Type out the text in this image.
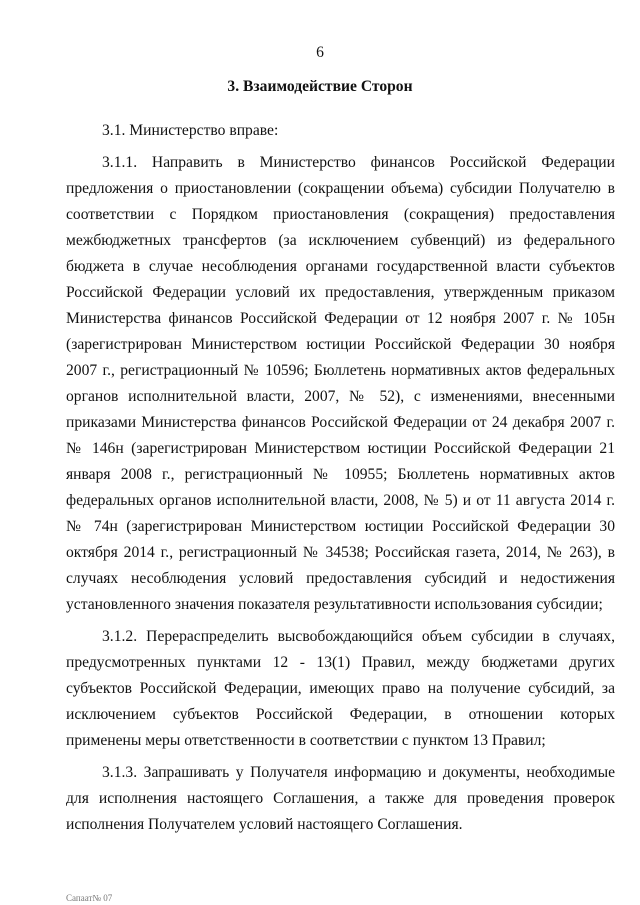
6
3. Взаимодействие Сторон

3.1. Министерство вправе:

3.1.1. Направить в Министерство финансов Российской Федерации предложения о приостановлении (сокращении объема) субсидии Получателю в соответствии с Порядком приостановления (сокращения) предоставления межбюджетных трансфертов (за исключением субвенций) из федерального бюджета в случае несоблюдения органами государственной власти субъектов Российской Федерации условий их предоставления, утвержденным приказом Министерства финансов Российской Федерации от 12 ноября 2007 г. № 105н (зарегистрирован Министерством юстиции Российской Федерации 30 ноября 2007 г., регистрационный № 10596; Бюллетень нормативных актов федеральных органов исполнительной власти, 2007, № 52), с изменениями, внесенными приказами Министерства финансов Российской Федерации от 24 декабря 2007 г. № 146н (зарегистрирован Министерством юстиции Российской Федерации 21 января 2008 г., регистрационный № 10955; Бюллетень нормативных актов федеральных органов исполнительной власти, 2008, № 5) и от 11 августа 2014 г. № 74н (зарегистрирован Министерством юстиции Российской Федерации 30 октября 2014 г., регистрационный № 34538; Российская газета, 2014, № 263), в случаях несоблюдения условий предоставления субсидий и недостижения установленного значения показателя результативности использования субсидии;

3.1.2. Перераспределить высвобождающийся объем субсидии в случаях, предусмотренных пунктами 12 - 13(1) Правил, между бюджетами других субъектов Российской Федерации, имеющих право на получение субсидий, за исключением субъектов Российской Федерации, в отношении которых применены меры ответственности в соответствии с пунктом 13 Правил;

3.1.3. Запрашивать у Получателя информацию и документы, необходимые для исполнения настоящего Соглашения, а также для проведения проверок исполнения Получателем условий настоящего Соглашения.

Сапаат№ 07
